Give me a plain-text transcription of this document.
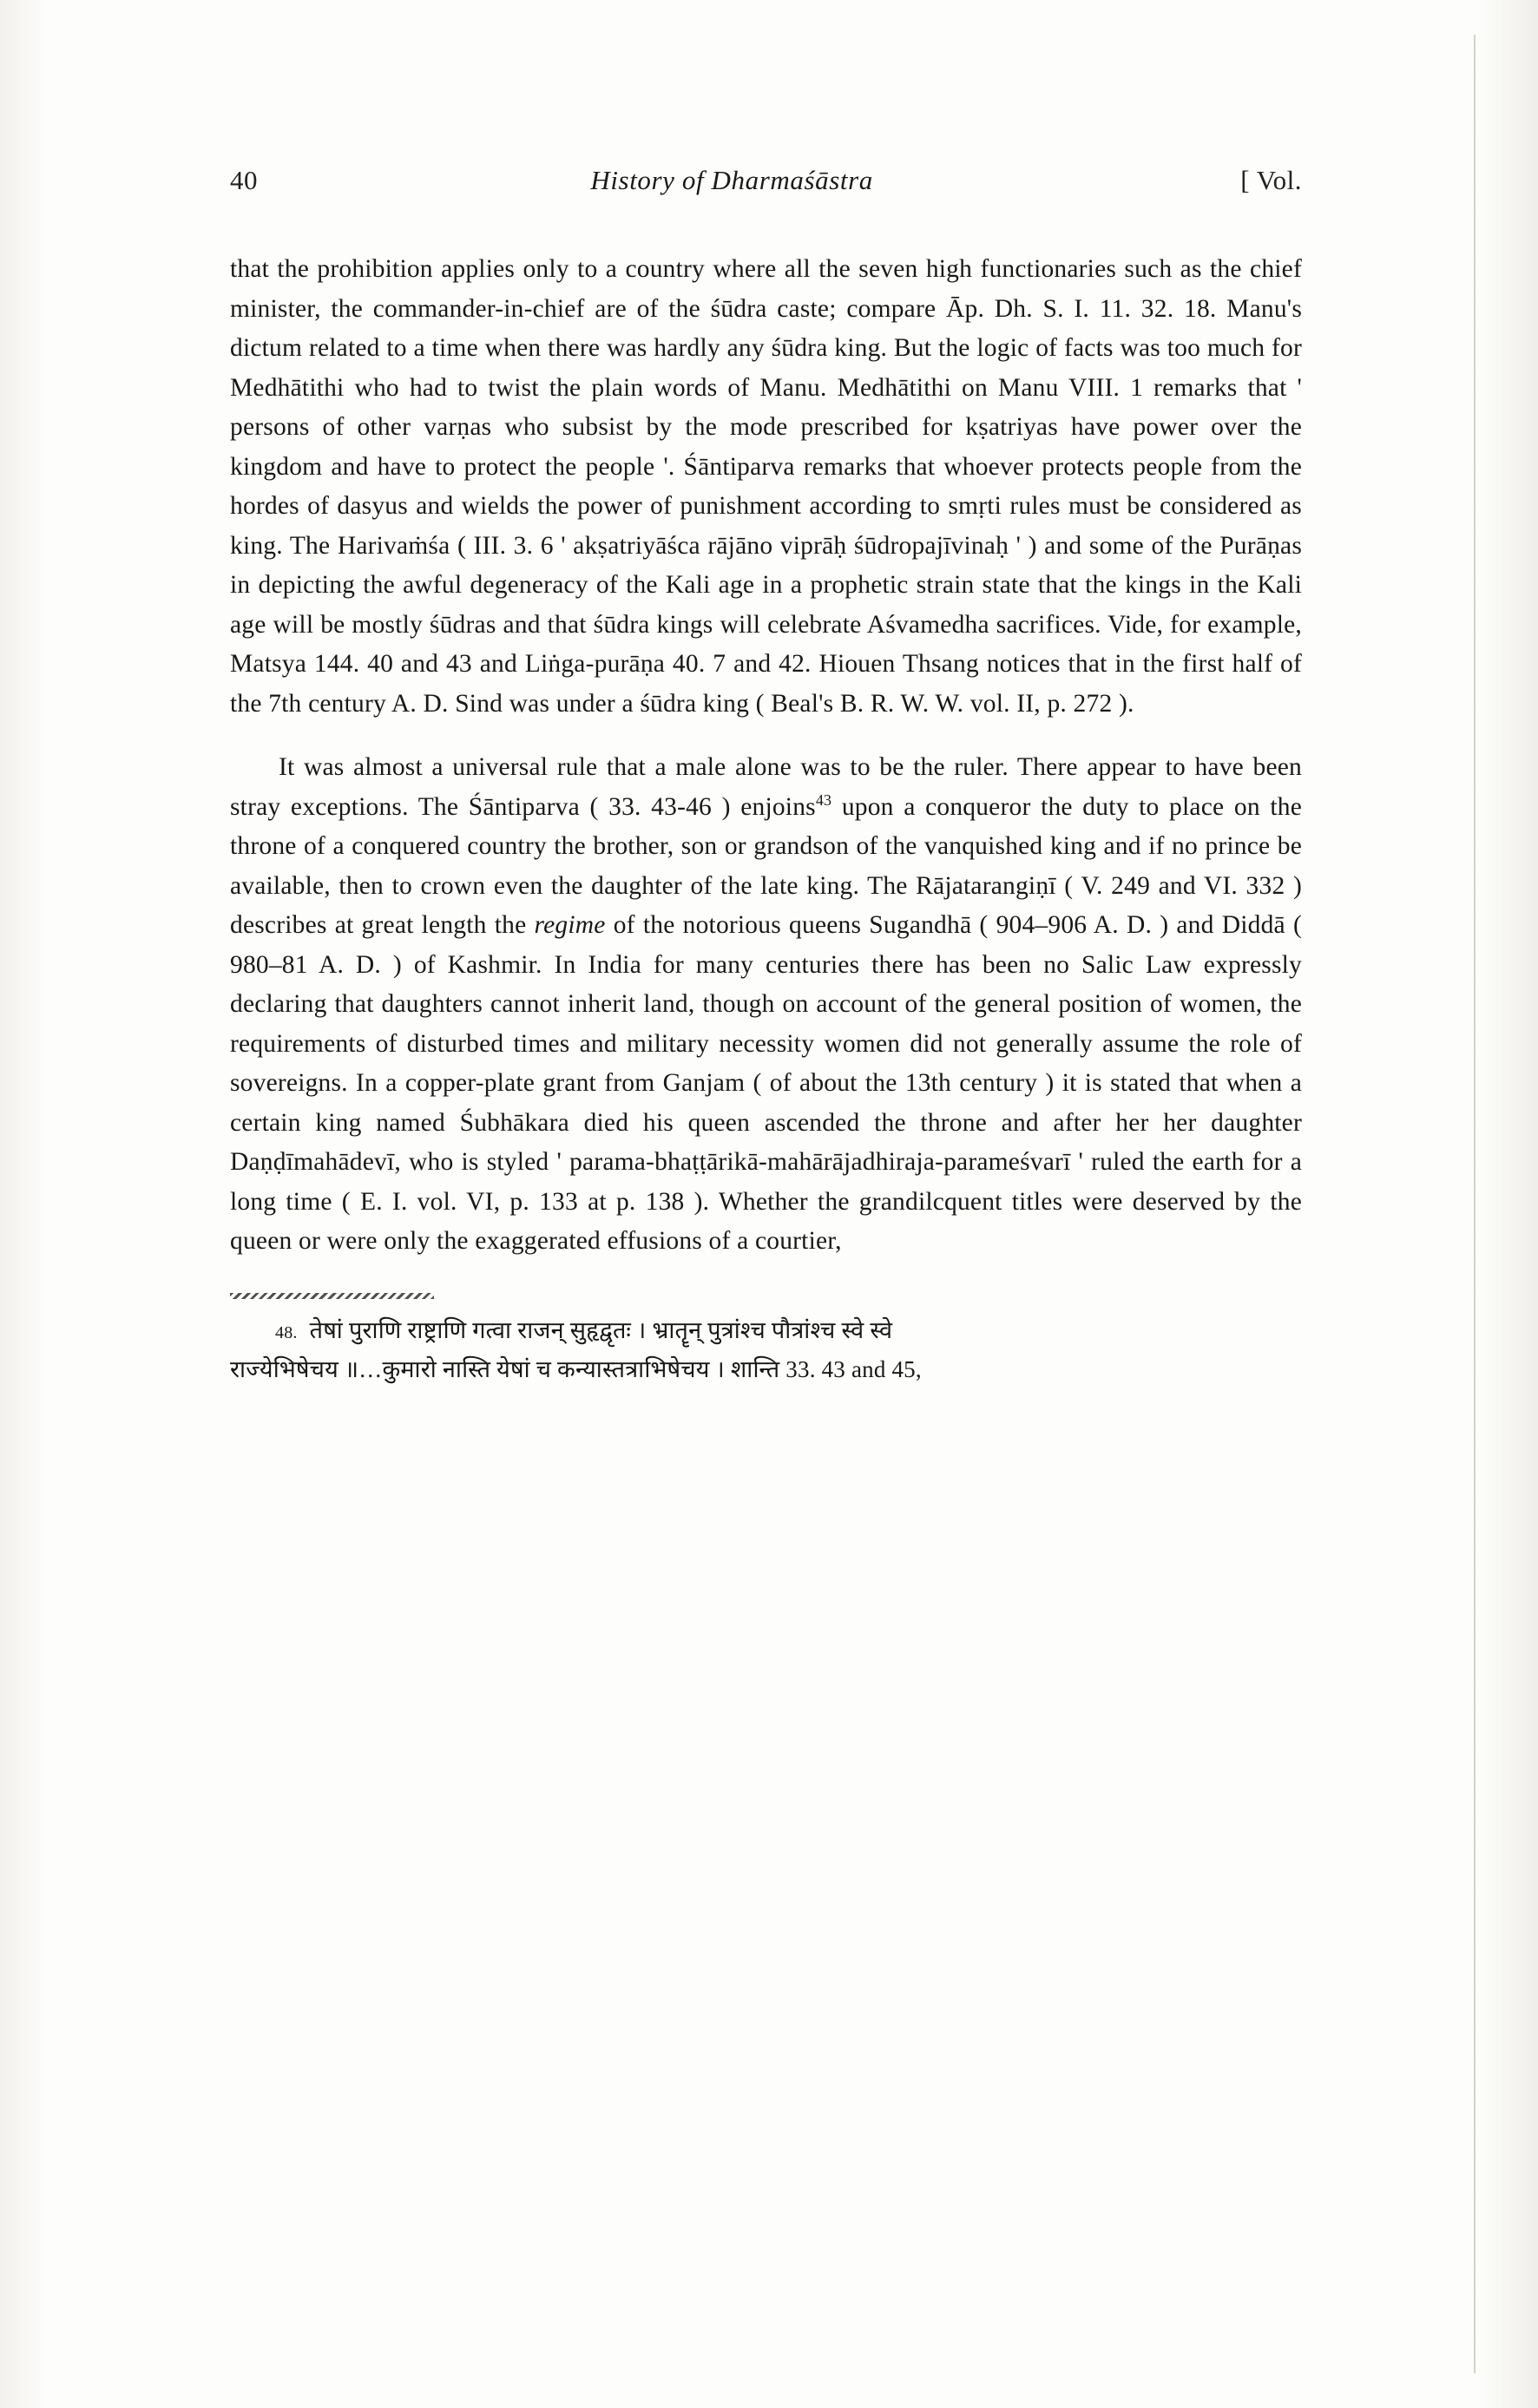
40	History of Dharmaśāstra	[ Vol.

that the prohibition applies only to a country where all the seven high functionaries such as the chief minister, the commander-in-chief are of the śūdra caste; compare Āp. Dh. S. I. 11. 32. 18. Manu's dictum related to a time when there was hardly any śūdra king. But the logic of facts was too much for Medhātithi who had to twist the plain words of Manu. Medhātithi on Manu VIII. 1 remarks that ' persons of other varṇas who subsist by the mode prescribed for kṣatriyas have power over the kingdom and have to protect the people '. Śāntiparva remarks that whoever protects people from the hordes of dasyus and wields the power of punishment according to smṛti rules must be considered as king. The Harivaṁśa ( III. 3. 6 ' akṣatriyāśca rājāno viprāḥ śūdropajīvinaḥ ' ) and some of the Purāṇas in depicting the awful degeneracy of the Kali age in a prophetic strain state that the kings in the Kali age will be mostly śūdras and that śūdra kings will celebrate Aśvamedha sacrifices. Vide, for example, Matsya 144. 40 and 43 and Liṅga-purāṇa 40. 7 and 42. Hiouen Thsang notices that in the first half of the 7th century A. D. Sind was under a śūdra king ( Beal's B. R. W. W. vol. II, p. 272 ).

It was almost a universal rule that a male alone was to be the ruler. There appear to have been stray exceptions. The Śāntiparva ( 33. 43-46 ) enjoins$^{43}$ upon a conqueror the duty to place on the throne of a conquered country the brother, son or grandson of the vanquished king and if no prince be available, then to crown even the daughter of the late king. The Rājatarangiṇī ( V. 249 and VI. 332 ) describes at great length the regime of the notorious queens Sugandhā ( 904–906 A. D. ) and Diddā ( 980–81 A. D. ) of Kashmir. In India for many centuries there has been no Salic Law expressly declaring that daughters cannot inherit land, though on account of the general position of women, the requirements of disturbed times and military necessity women did not generally assume the role of sovereigns. In a copper-plate grant from Ganjam ( of about the 13th century ) it is stated that when a certain king named Śubhākara died his queen ascended the throne and after her her daughter Daṇḍīmahādevī, who is styled ' parama-bhaṭṭārikā-mahārājadhiraja-parameśvarī ' ruled the earth for a long time ( E. I. vol. VI, p. 133 at p. 138 ). Whether the grandilcquent titles were deserved by the queen or were only the exaggerated effusions of a courtier,

48. तेषां पुराणि राष्ट्राणि गत्वा राजन् सुहृद्वृतः । भ्रातॄन् पुत्रांश्च पौत्रांश्च स्वे स्वे
राज्येभिषेचय ॥…कुमारो नास्ति येषां च कन्यास्तत्राभिषेचय । शान्ति 33. 43 and 45,
